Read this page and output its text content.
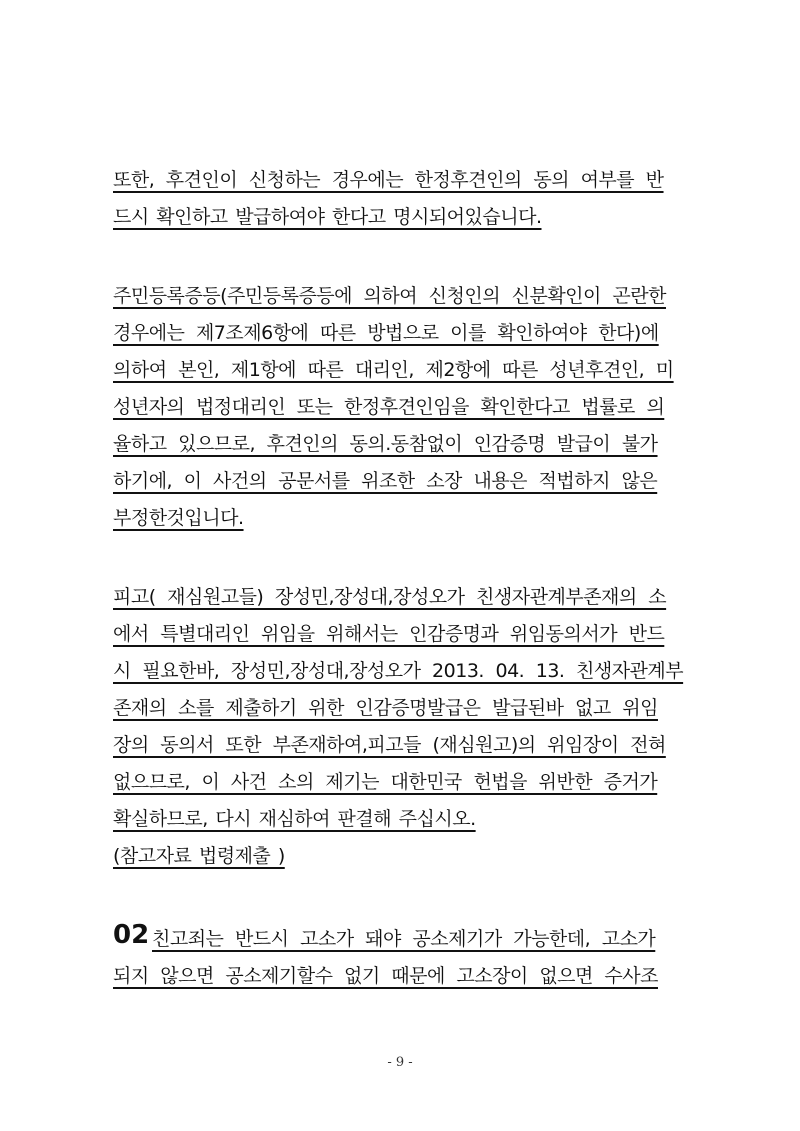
또한, 후견인이 신청하는 경우에는 한정후견인의 동의 여부를 반
드시 확인하고 발급하여야 한다고 명시되어있습니다.
주민등록증등(주민등록증등에 의하여 신청인의 신분확인이 곤란한
경우에는 제7조제6항에 따른 방법으로 이를 확인하여야 한다)에
의하여 본인, 제1항에 따른 대리인, 제2항에 따른 성년후견인, 미
성년자의 법정대리인 또는 한정후견인임을 확인한다고 법률로 의
율하고 있으므로, 후견인의 동의.동참없이 인감증명 발급이 불가
하기에, 이 사건의 공문서를 위조한 소장 내용은 적법하지 않은
부정한것입니다.
피고( 재심원고들) 장성민,장성대,장성오가 친생자관계부존재의 소
에서 특별대리인 위임을 위해서는 인감증명과 위임동의서가 반드
시 필요한바, 장성민,장성대,장성오가 2013. 04. 13. 친생자관계부
존재의 소를 제출하기 위한 인감증명발급은 발급된바 없고 위임
장의 동의서 또한 부존재하여,피고들 (재심원고)의 위임장이 전혀
없으므로, 이 사건 소의 제기는 대한민국 헌법을 위반한 증거가
확실하므로, 다시 재심하여 판결해 주십시오.
(참고자료 법령제출 )
02 친고죄는 반드시 고소가 돼야 공소제기가 가능한데, 고소가
되지 않으면 공소제기할수 없기 때문에 고소장이 없으면 수사조
- 9 -
